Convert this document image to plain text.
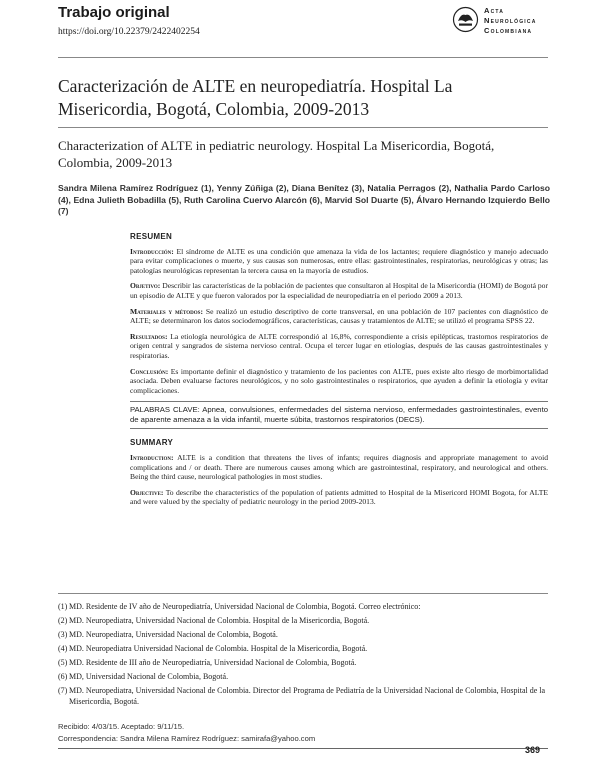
Trabajo original
https://doi.org/10.22379/2422402254
Acta
Neurológica
Colombiana
Caracterización de ALTE en neuropediatría. Hospital La Misericordia, Bogotá, Colombia, 2009-2013
Characterization of ALTE in pediatric neurology. Hospital La Misericordia, Bogotá, Colombia, 2009-2013
Sandra Milena Ramírez Rodríguez (1), Yenny Zúñiga (2), Diana Benítez (3), Natalia Perragos (2), Nathalia Pardo Carloso (4), Edna Julieth Bobadilla (5), Ruth Carolina Cuervo Alarcón (6), Marvid Sol Duarte (5), Álvaro Hernando Izquierdo Bello (7)
RESUMEN

Introducción: El síndrome de ALTE es una condición que amenaza la vida de los lactantes; requiere diagnóstico y manejo adecuado para evitar complicaciones o muerte, y sus causas son numerosas, entre ellas: gastrointestinales, respiratorias, neurológicas y otras; las patologías neurológicas representan la tercera causa en la mayoría de estudios.

Objetivo: Describir las características de la población de pacientes que consultaron al Hospital de la Misericordia (HOMI) de Bogotá por un episodio de ALTE y que fueron valorados por la especialidad de neuropediatría en el periodo 2009 a 2013.

Materiales y métodos: Se realizó un estudio descriptivo de corte transversal, en una población de 107 pacientes con diagnóstico de ALTE; se determinaron los datos sociodemográficos, características, causas y tratamientos de ALTE; se utilizó el programa SPSS 22.

Resultados: La etiología neurológica de ALTE correspondió al 16,8%, correspondiente a crisis epilépticas, trastornos respiratorios de origen central y sangrados de sistema nervioso central. Ocupa el tercer lugar en etiologías, después de las causas gastrointestinales y respiratorias.

Conclusión: Es importante definir el diagnóstico y tratamiento de los pacientes con ALTE, pues existe alto riesgo de morbimortalidad asociada. Deben evaluarse factores neurológicos, y no solo gastrointestinales o respiratorios, que ayuden a definir la etiología y evitar complicaciones.

PALABRAS CLAVE: Apnea, convulsiones, enfermedades del sistema nervioso, enfermedades gastrointestinales, evento de aparente amenaza a la vida infantil, muerte súbita, trastornos respiratorios (DECS).
SUMMARY

Introduction: ALTE is a condition that threatens the lives of infants; requires diagnosis and appropriate management to avoid complications and / or death. There are numerous causes among which are gastrointestinal, respiratory, and neurological and others. Being the third cause, neurological pathologies in most studies.

Objective: To describe the characteristics of the population of patients admitted to Hospital de la Misericord HOMI Bogota, for ALTE and were valued by the specialty of pediatric neurology in the period 2009-2013.

(1) MD. Residente de IV año de Neuropediatría, Universidad Nacional de Colombia, Bogotá. Correo electrónico:
(2) MD. Neuropediatra, Universidad Nacional de Colombia. Hospital de la Misericordia, Bogotá.
(3) MD. Neuropediatra, Universidad Nacional de Colombia, Bogotá.
(4) MD. Neuropediatra Universidad Nacional de Colombia. Hospital de la Misericordia, Bogotá.
(5) MD. Residente de III año de Neuropediatría, Universidad Nacional de Colombia, Bogotá.
(6) MD, Universidad Nacional de Colombia, Bogotá.
(7) MD. Neuropediatra, Universidad Nacional de Colombia. Director del Programa de Pediatría de la Universidad Nacional de Colombia, Hospital de la Misericordia, Bogotá.
Recibido: 4/03/15. Aceptado: 9/11/15.
Correspondencia: Sandra Milena Ramírez Rodríguez: samirafa@yahoo.com
369
